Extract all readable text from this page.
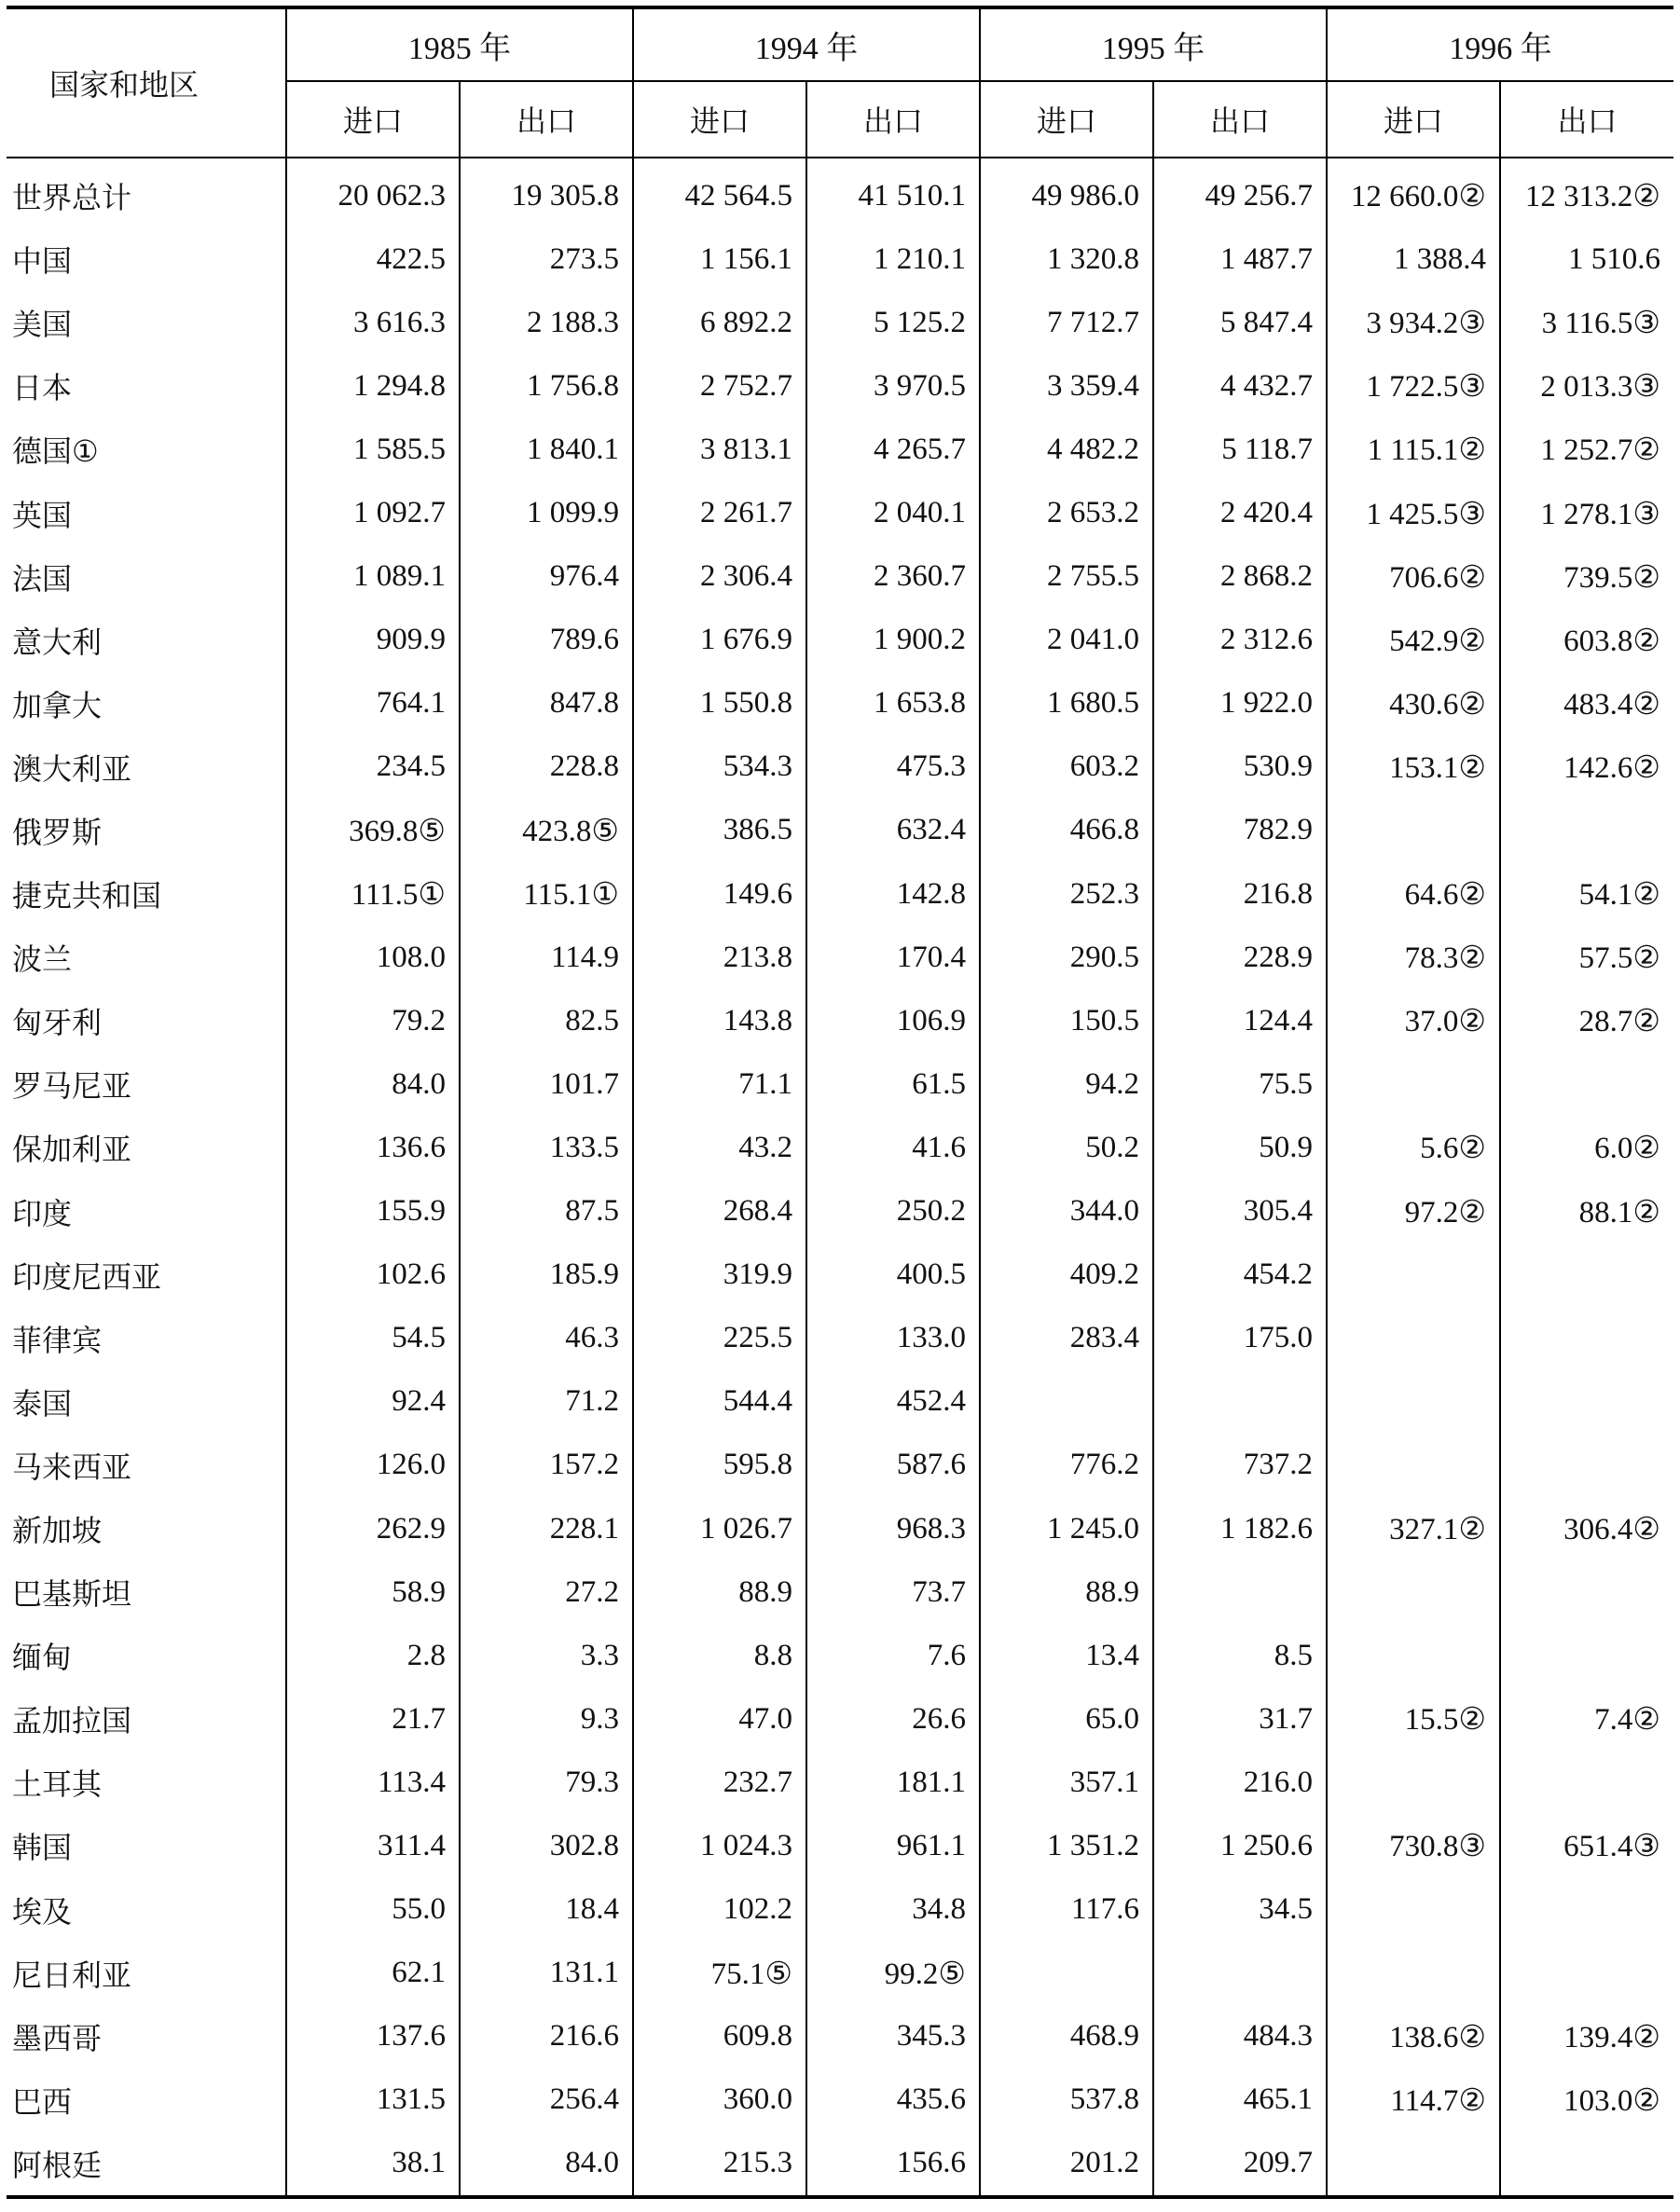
国家和地区	1985 年		1994 年		1995 年		1996 年	
	进口	出口	进口	出口	进口	出口	进口	出口
世界总计	20 062.3	19 305.8	42 564.5	41 510.1	49 986.0	49 256.7	12 660.0②	12 313.2②
中国	422.5	273.5	1 156.1	1 210.1	1 320.8	1 487.7	1 388.4	1 510.6
美国	3 616.3	2 188.3	6 892.2	5 125.2	7 712.7	5 847.4	3 934.2③	3 116.5③
日本	1 294.8	1 756.8	2 752.7	3 970.5	3 359.4	4 432.7	1 722.5③	2 013.3③
德国①	1 585.5	1 840.1	3 813.1	4 265.7	4 482.2	5 118.7	1 115.1②	1 252.7②
英国	1 092.7	1 099.9	2 261.7	2 040.1	2 653.2	2 420.4	1 425.5③	1 278.1③
法国	1 089.1	976.4	2 306.4	2 360.7	2 755.5	2 868.2	706.6②	739.5②
意大利	909.9	789.6	1 676.9	1 900.2	2 041.0	2 312.6	542.9②	603.8②
加拿大	764.1	847.8	1 550.8	1 653.8	1 680.5	1 922.0	430.6②	483.4②
澳大利亚	234.5	228.8	534.3	475.3	603.2	530.9	153.1②	142.6②
俄罗斯	369.8⑤	423.8⑤	386.5	632.4	466.8	782.9		
捷克共和国	111.5①	115.1①	149.6	142.8	252.3	216.8	64.6②	54.1②
波兰	108.0	114.9	213.8	170.4	290.5	228.9	78.3②	57.5②
匈牙利	79.2	82.5	143.8	106.9	150.5	124.4	37.0②	28.7②
罗马尼亚	84.0	101.7	71.1	61.5	94.2	75.5		
保加利亚	136.6	133.5	43.2	41.6	50.2	50.9	5.6②	6.0②
印度	155.9	87.5	268.4	250.2	344.0	305.4	97.2②	88.1②
印度尼西亚	102.6	185.9	319.9	400.5	409.2	454.2		
菲律宾	54.5	46.3	225.5	133.0	283.4	175.0		
泰国	92.4	71.2	544.4	452.4				
马来西亚	126.0	157.2	595.8	587.6	776.2	737.2		
新加坡	262.9	228.1	1 026.7	968.3	1 245.0	1 182.6	327.1②	306.4②
巴基斯坦	58.9	27.2	88.9	73.7	88.9			
缅甸	2.8	3.3	8.8	7.6	13.4	8.5		
孟加拉国	21.7	9.3	47.0	26.6	65.0	31.7	15.5②	7.4②
土耳其	113.4	79.3	232.7	181.1	357.1	216.0		
韩国	311.4	302.8	1 024.3	961.1	1 351.2	1 250.6	730.8③	651.4③
埃及	55.0	18.4	102.2	34.8	117.6	34.5		
尼日利亚	62.1	131.1	75.1⑤	99.2⑤				
墨西哥	137.6	216.6	609.8	345.3	468.9	484.3	138.6②	139.4②
巴西	131.5	256.4	360.0	435.6	537.8	465.1	114.7②	103.0②
阿根廷	38.1	84.0	215.3	156.6	201.2	209.7		
